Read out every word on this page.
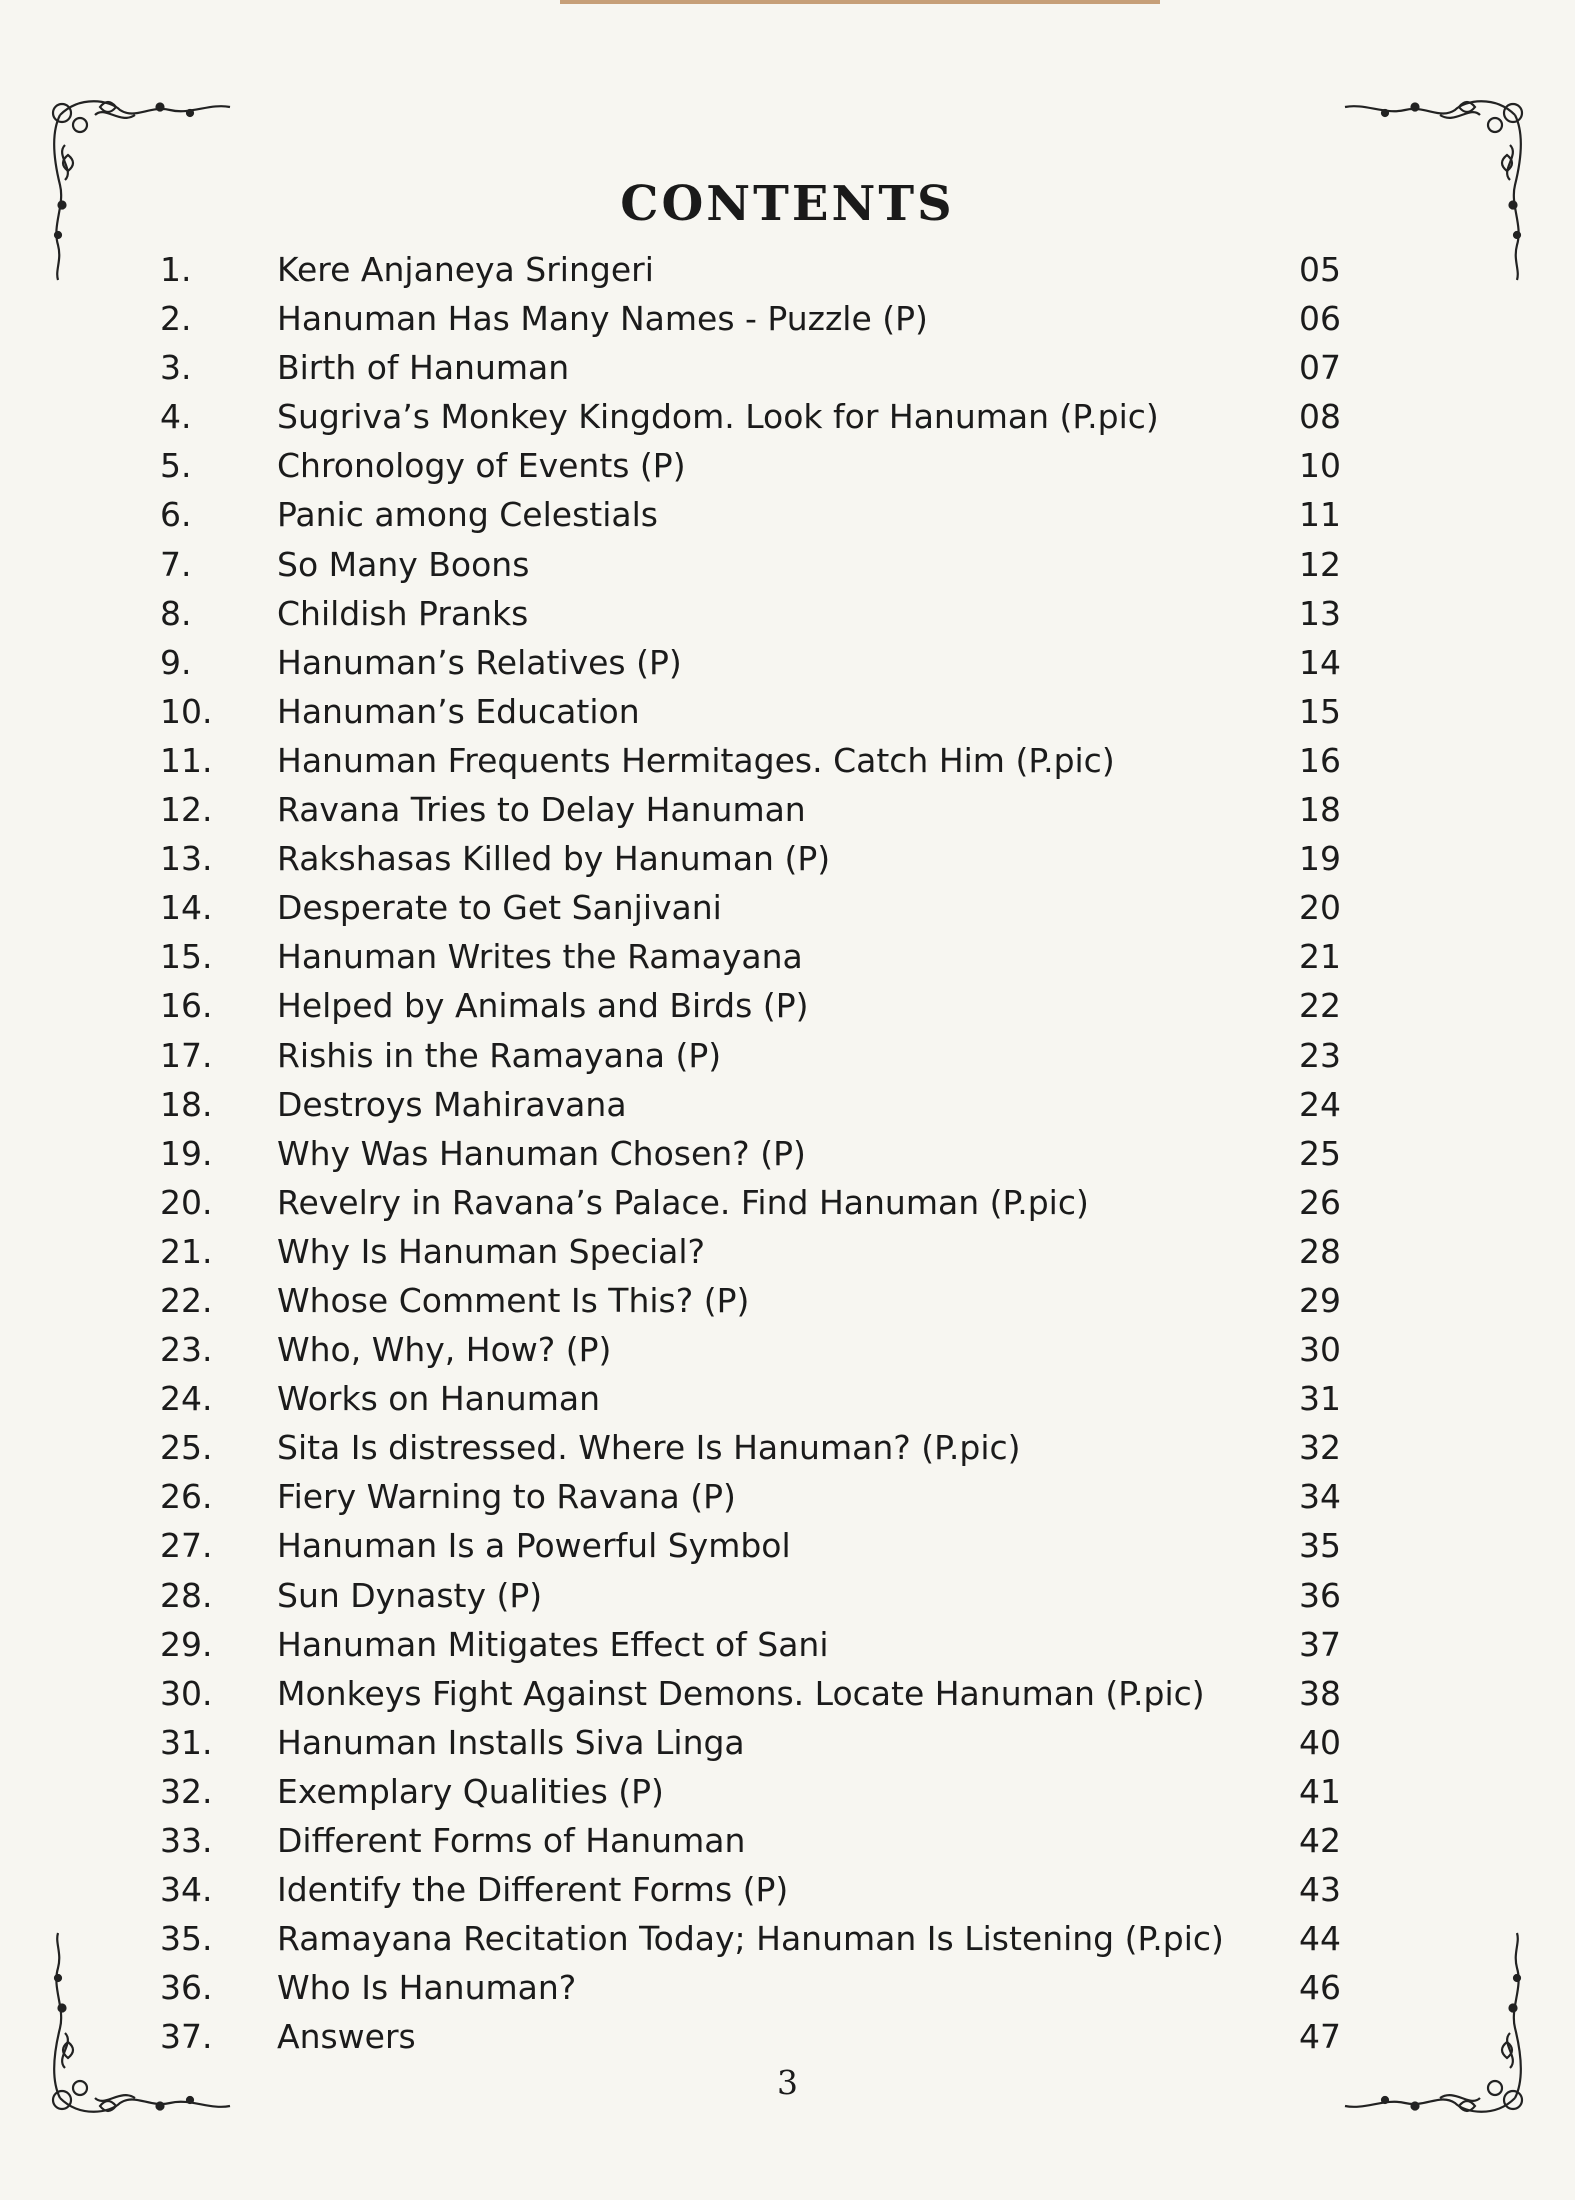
CONTENTS
1.	Kere Anjaneya Sringeri	05
2.	Hanuman Has Many Names - Puzzle (P)	06
3.	Birth of Hanuman	07
4.	Sugriva’s Monkey Kingdom. Look for Hanuman (P.pic)	08
5.	Chronology of Events (P)	10
6.	Panic among Celestials	11
7.	So Many Boons	12
8.	Childish Pranks	13
9.	Hanuman’s Relatives (P)	14
10. Hanuman’s Education	15
11. Hanuman Frequents Hermitages. Catch Him (P.pic)	16
12. Ravana Tries to Delay Hanuman	18
13. Rakshasas Killed by Hanuman (P)	19
14. Desperate to Get Sanjivani	20
15. Hanuman Writes the Ramayana	21
16. Helped by Animals and Birds (P)	22
17. Rishis in the Ramayana (P)	23
18. Destroys Mahiravana	24
19. Why Was Hanuman Chosen? (P)	25
20. Revelry in Ravana’s Palace. Find Hanuman (P.pic)	26
21. Why Is Hanuman Special?	28
22. Whose Comment Is This? (P)	29
23. Who, Why, How? (P)	30
24. Works on Hanuman	31
25. Sita Is distressed. Where Is Hanuman? (P.pic)	32
26. Fiery Warning to Ravana (P)	34
27. Hanuman Is a Powerful Symbol	35
28. Sun Dynasty (P)	36
29. Hanuman Mitigates Effect of Sani	37
30. Monkeys Fight Against Demons. Locate Hanuman (P.pic)	38
31. Hanuman Installs Siva Linga	40
32. Exemplary Qualities (P)	41
33. Different Forms of Hanuman	42
34. Identify the Different Forms (P)	43
35. Ramayana Recitation Today; Hanuman Is Listening (P.pic) 44
36. Who Is Hanuman?	46
37. Answers	47
3
